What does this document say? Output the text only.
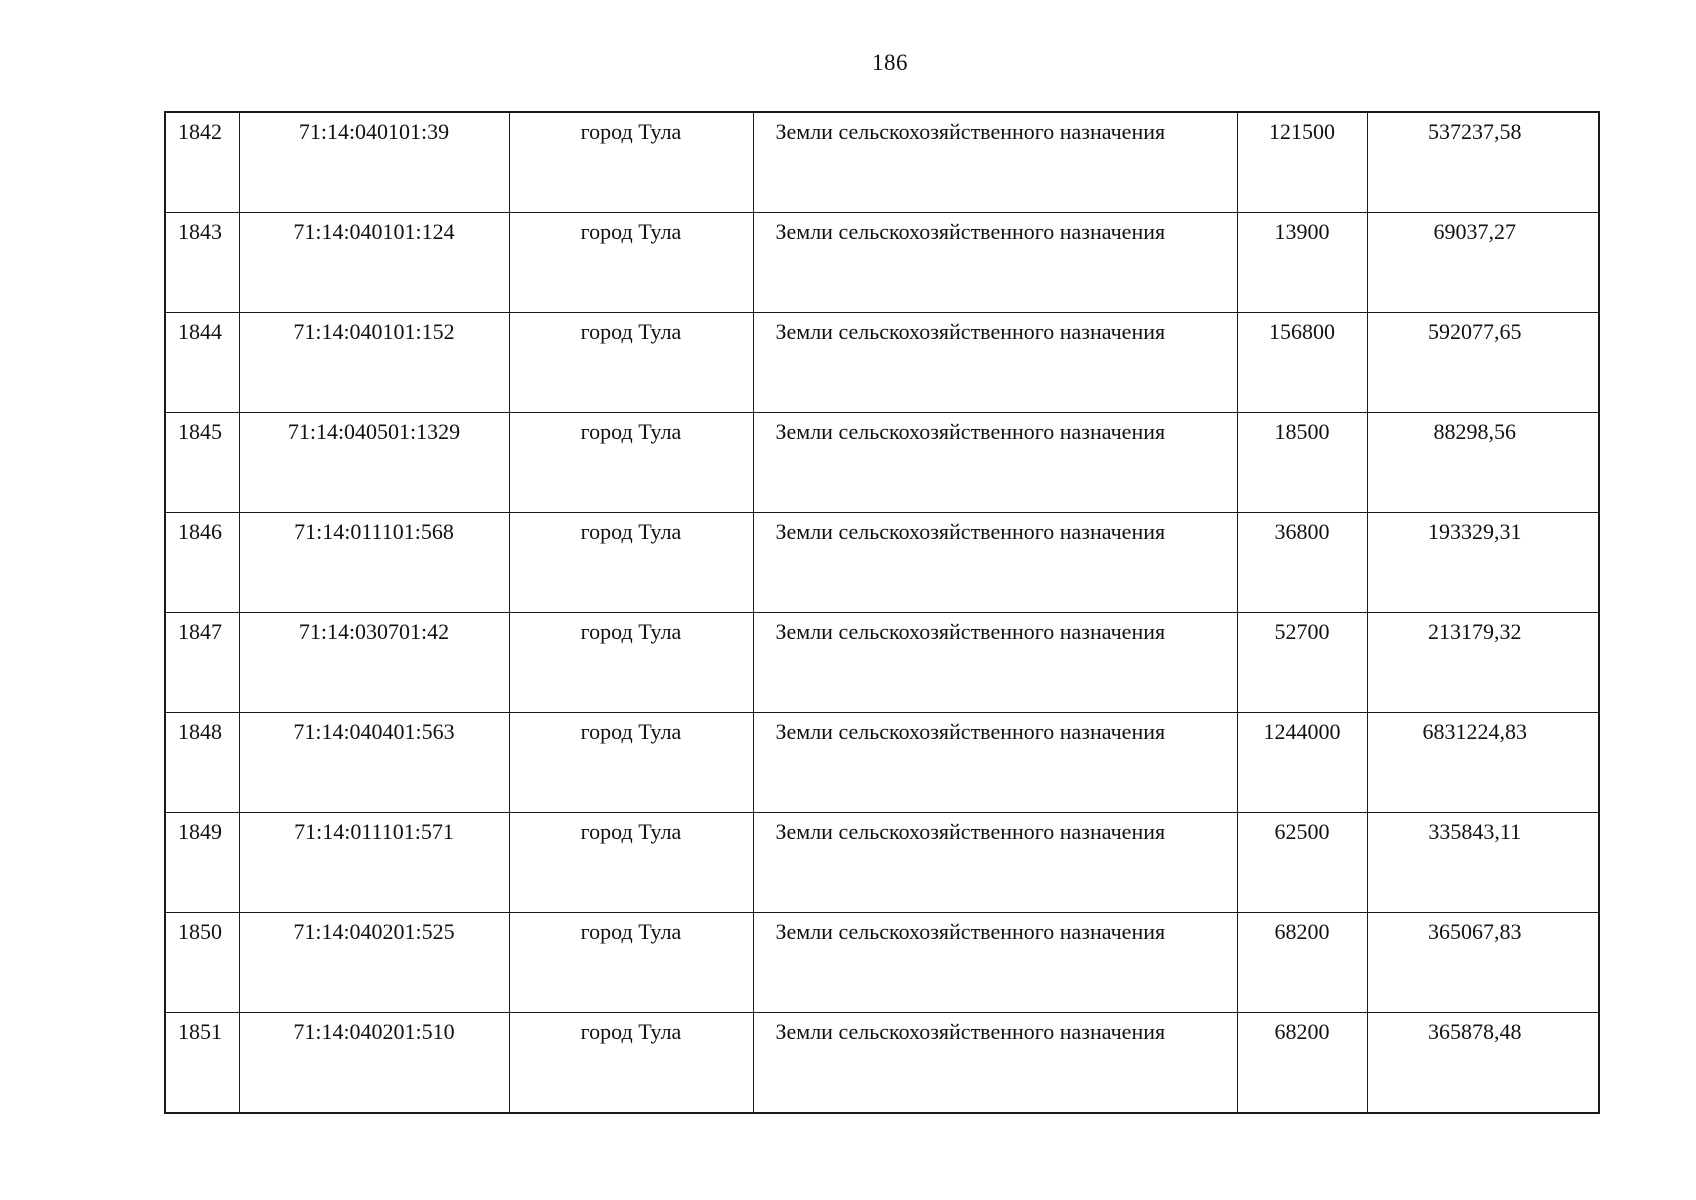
186
1842	71:14:040101:39	город Тула	Земли сельскохозяйственного назначения	121500	537237,58
1843	71:14:040101:124	город Тула	Земли сельскохозяйственного назначения	13900	69037,27
1844	71:14:040101:152	город Тула	Земли сельскохозяйственного назначения	156800	592077,65
1845	71:14:040501:1329	город Тула	Земли сельскохозяйственного назначения	18500	88298,56
1846	71:14:011101:568	город Тула	Земли сельскохозяйственного назначения	36800	193329,31
1847	71:14:030701:42	город Тула	Земли сельскохозяйственного назначения	52700	213179,32
1848	71:14:040401:563	город Тула	Земли сельскохозяйственного назначения	1244000	6831224,83
1849	71:14:011101:571	город Тула	Земли сельскохозяйственного назначения	62500	335843,11
1850	71:14:040201:525	город Тула	Земли сельскохозяйственного назначения	68200	365067,83
1851	71:14:040201:510	город Тула	Земли сельскохозяйственного назначения	68200	365878,48
